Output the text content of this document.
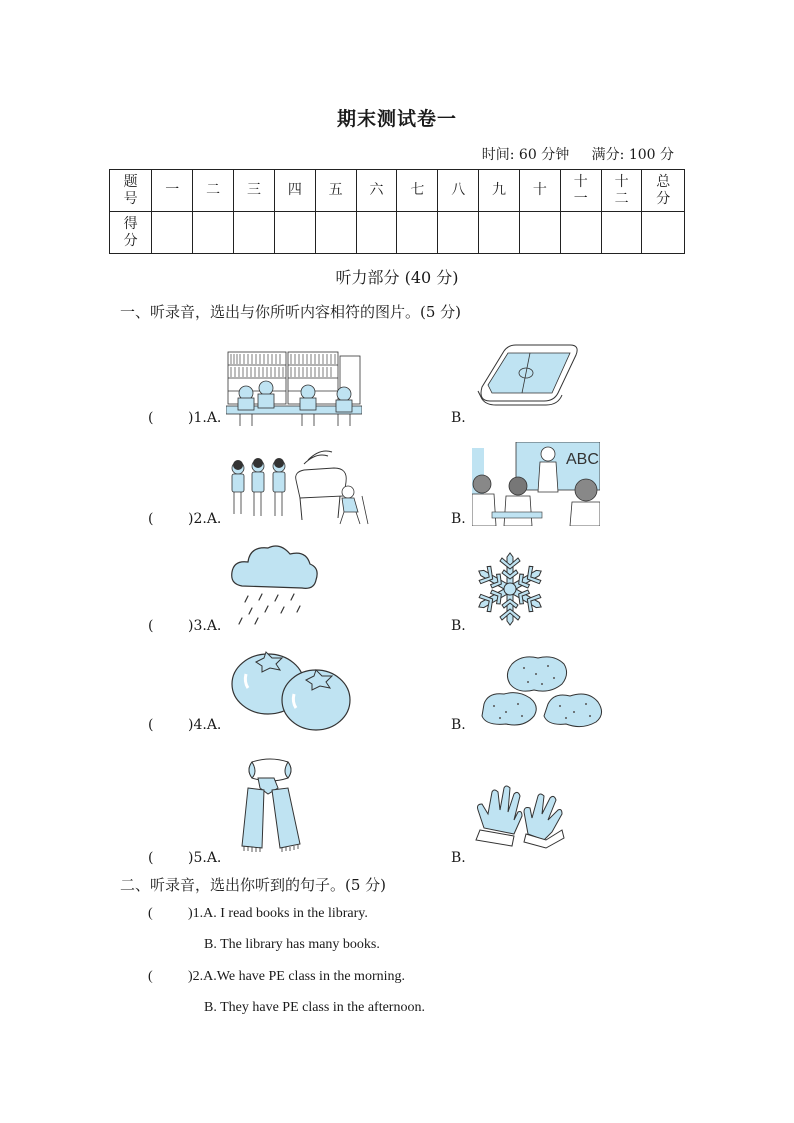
期末测试卷一
时间: 60 分钟 满分: 100 分
题号	一	二	三	四	五	六	七	八	九	十	十一	十二	总分
得分													
听力部分 (40 分)
一、听录音，选出与你所听内容相符的图片。(5 分)
( )1.A.	B.
( )2.A.	B.
( )3.A.	B.
( )4.A.	B.
( )5.A.	B.
ABC
二、听录音，选出你听到的句子。(5 分)
(	)1.A. I read books in the library.
B. The library has many books.
(	)2.A.We have PE class in the morning.
B. They have PE class in the afternoon.
